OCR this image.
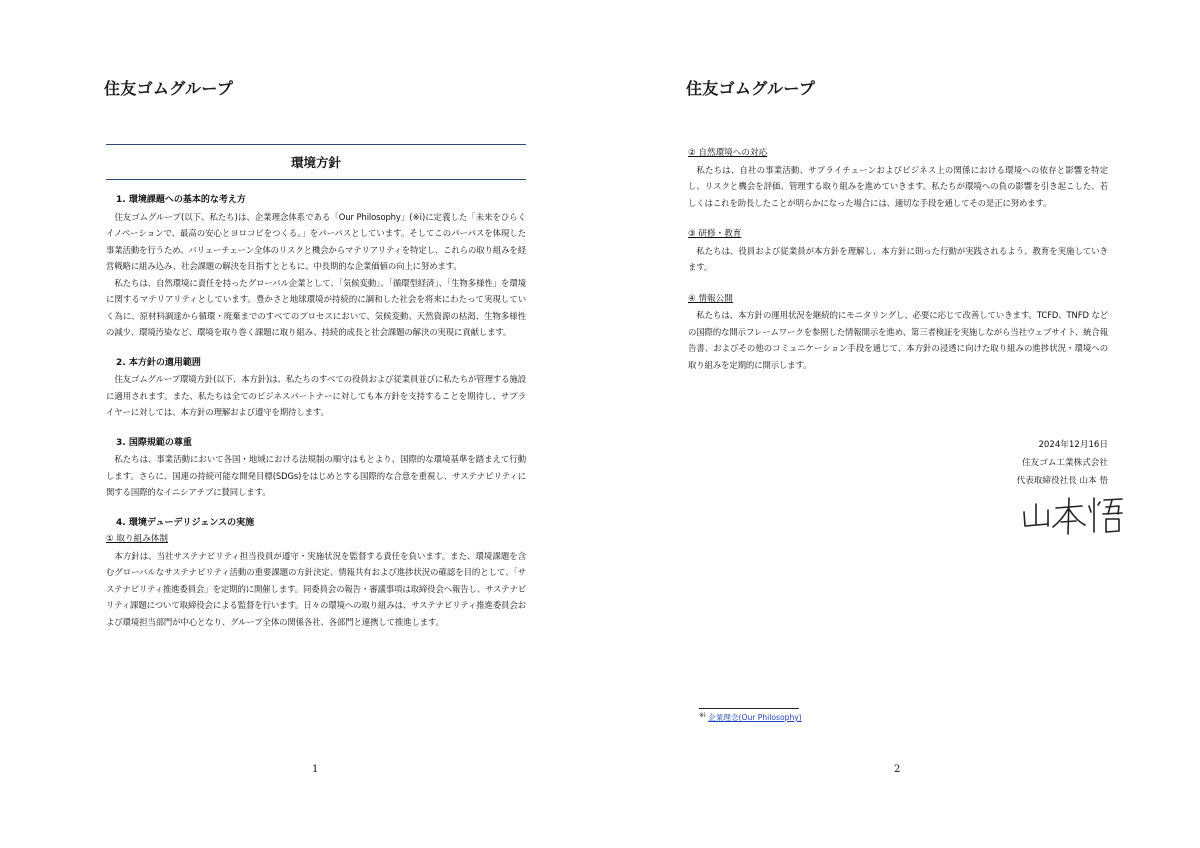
住友ゴムグループ
環境方針
1. 環境課題への基本的な考え方

住友ゴムグループ(以下、私たち)は、企業理念体系である「Our Philosophy」(※ⅰ)に定義した「未来をひらくイノベーションで、最高の安心とヨロコビをつくる。」をパーパスとしています。そしてこのパーパスを体現した事業活動を行うため、バリューチェーン全体のリスクと機会からマテリアリティを特定し、これらの取り組みを経営戦略に組み込み、社会課題の解決を目指すとともに、中長期的な企業価値の向上に努めます。

私たちは、自然環境に責任を持ったグローバル企業として、「気候変動」、「循環型経済」、「生物多様性」を環境に関するマテリアリティとしています。豊かさと地球環境が持続的に調和した社会を将来にわたって実現していく為に、原材料調達から循環・廃棄までのすべてのプロセスにおいて、気候変動、天然資源の枯渇、生物多様性の減少、環境汚染など、環境を取り巻く課題に取り組み、持続的成長と社会課題の解決の実現に貢献します。

2. 本方針の適用範囲

住友ゴムグループ環境方針(以下、本方針)は、私たちのすべての役員および従業員並びに私たちが管理する施設に適用されます。また、私たちは全てのビジネスパートナーに対しても本方針を支持することを期待し、サプライヤーに対しては、本方針の理解および遵守を期待します。

3. 国際規範の尊重

私たちは、事業活動において各国・地域における法規制の順守はもとより、国際的な環境基準を踏まえて行動します。さらに、国連の持続可能な開発目標(SDGs)をはじめとする国際的な合意を重視し、サステナビリティに関する国際的なイニシアチブに賛同します。

4. 環境デューデリジェンスの実施
① 取り組み体制

本方針は、当社サステナビリティ担当役員が遵守・実施状況を監督する責任を負います。また、環境課題を含むグローバルなサステナビリティ活動の重要課題の方針決定、情報共有および進捗状況の確認を目的として、「サステナビリティ推進委員会」を定期的に開催します。同委員会の報告・審議事項は取締役会へ報告し、サステナビリティ課題について取締役会による監督を行います。日々の環境への取り組みは、サステナビリティ推進委員会および環境担当部門が中心となり、グループ全体の関係各社、各部門と連携して推進します。

1
住友ゴムグループ
② 自然環境への対応

私たちは、自社の事業活動、サプライチェーンおよびビジネス上の関係における環境への依存と影響を特定し、リスクと機会を評価、管理する取り組みを進めていきます。私たちが環境への負の影響を引き起こした、若しくはこれを助長したことが明らかになった場合には、適切な手段を通してその是正に努めます。

③ 研修・教育

私たちは、役員および従業員が本方針を理解し、本方針に則った行動が実践されるよう、教育を実施していきます。

④ 情報公開

私たちは、本方針の運用状況を継続的にモニタリングし、必要に応じて改善していきます。TCFD、TNFD などの国際的な開示フレームワークを参照した情報開示を進め、第三者検証を実施しながら当社ウェブサイト、統合報告書、およびその他のコミュニケーション手段を通じて、本方針の浸透に向けた取り組みの進捗状況・環境への取り組みを定期的に開示します。

2024年12月16日
住友ゴム工業株式会社
代表取締役社長 山本 悟
$^{※ⅰ}$ 企業理念(Our Philosophy)
2
